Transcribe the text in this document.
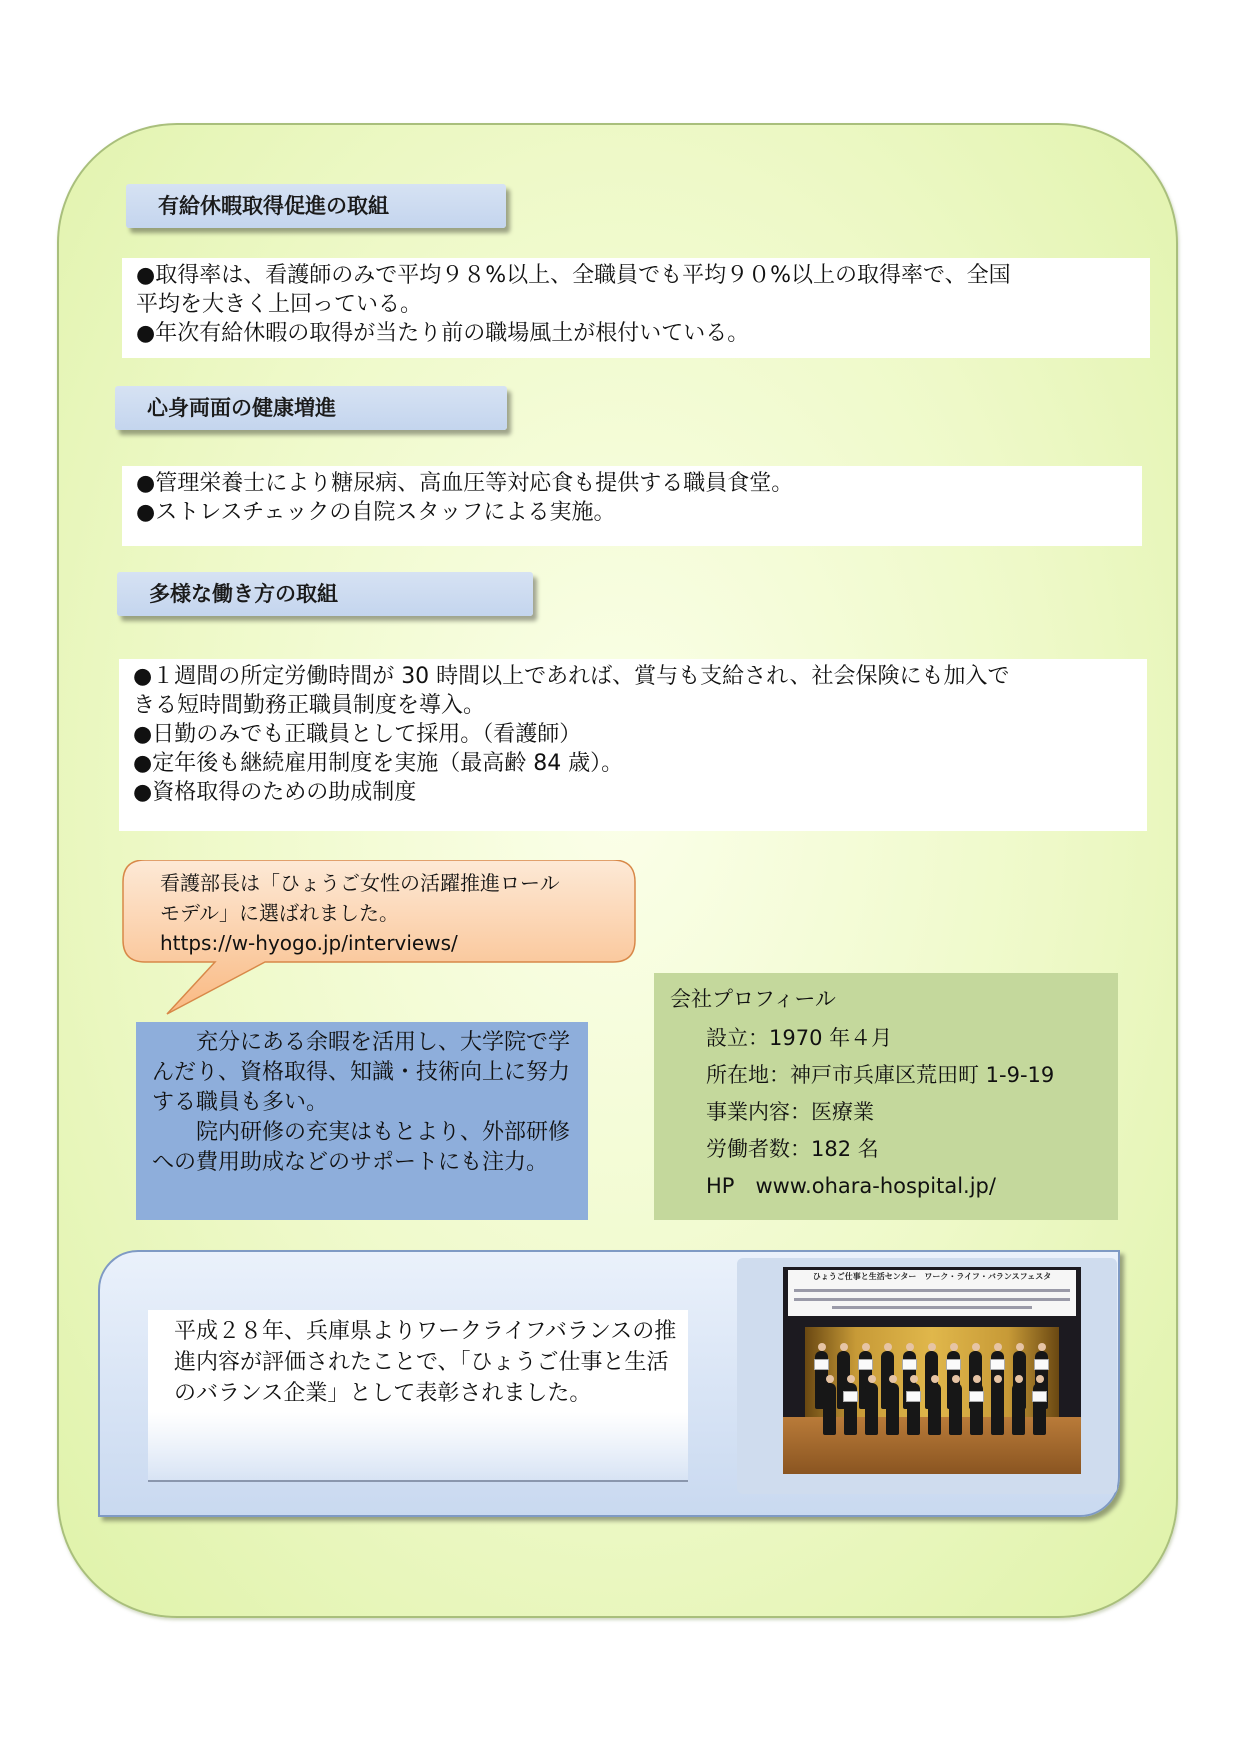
有給休暇取得促進の取組

●取得率は、看護師のみで平均９８%以上、全職員でも平均９０%以上の取得率で、全国

平均を大きく上回っている。

●年次有給休暇の取得が当たり前の職場風土が根付いている。

心身両面の健康増進

●管理栄養士により糖尿病、高血圧等対応食も提供する職員食堂。

●ストレスチェックの自院スタッフによる実施。

多様な働き方の取組

●１週間の所定労働時間が 30 時間以上であれば、賞与も支給され、社会保険にも加入で

きる短時間勤務正職員制度を導入。

●日勤のみでも正職員として採用。（看護師）

●定年後も継続雇用制度を実施（最高齢 84 歳）。

●資格取得のための助成制度

看護部長は「ひょうご女性の活躍推進ロール

モデル」に選ばれました。

https://w-hyogo.jp/interviews/

充分にある余暇を活用し、大学院で学んだり、資格取得、知識・技術向上に努力する職員も多い。

院内研修の充実はもとより、外部研修への費用助成などのサポートにも注力。

会社プロフィール
設立：1970 年４月
所在地：神戸市兵庫区荒田町 1-9-19
事業内容：医療業
労働者数：182 名
HP　www.ohara-hospital.jp/

平成２８年、兵庫県よりワークライフバランスの推進内容が評価されたことで、「ひょうご仕事と生活のバランス企業」として表彰されました。

ひょうご仕事と生活センター　ワーク・ライフ・バランスフェスタ
